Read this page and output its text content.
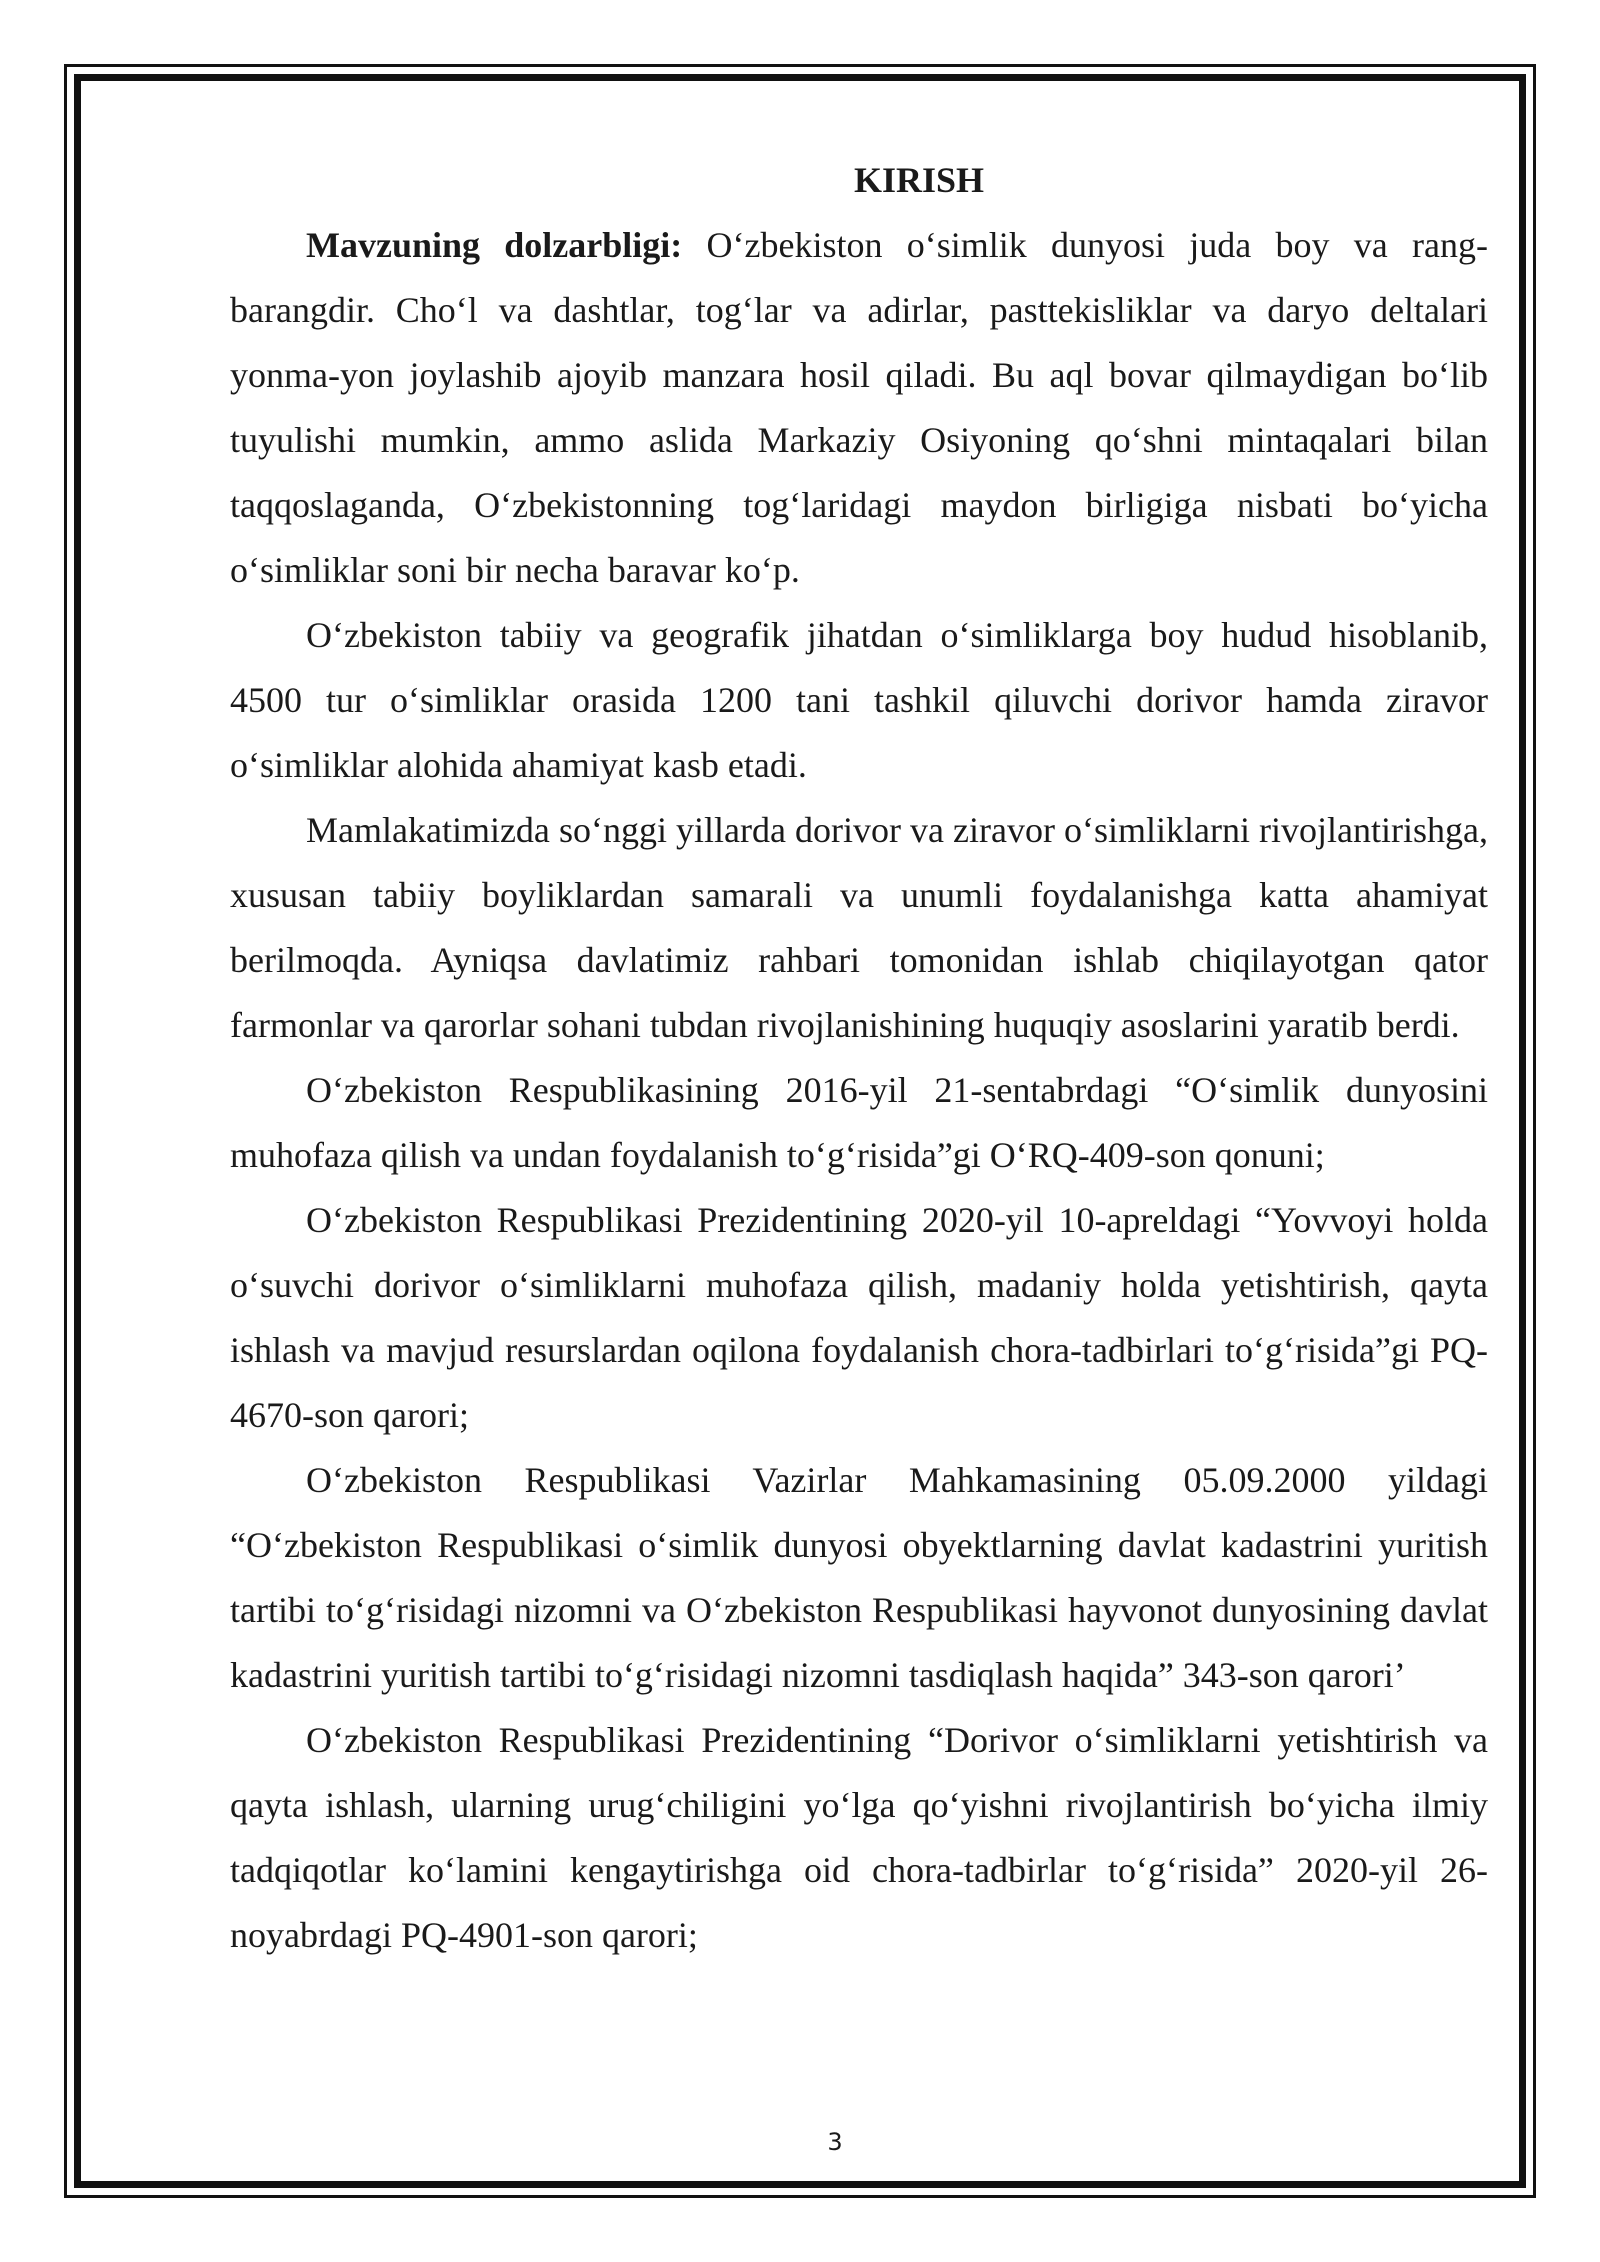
KIRISH

Mavzuning dolzarbligi: O‘zbekiston o‘simlik dunyosi juda boy va rang-barangdir. Cho‘l va dashtlar, tog‘lar va adirlar, pasttekisliklar va daryo deltalari yonma-yon joylashib ajoyib manzara hosil qiladi. Bu aql bovar qilmaydigan bo‘lib tuyulishi mumkin, ammo aslida Markaziy Osiyoning qo‘shni mintaqalari bilan taqqoslaganda, O‘zbekistonning tog‘laridagi maydon birligiga nisbati bo‘yicha o‘simliklar soni bir necha baravar ko‘p.

O‘zbekiston tabiiy va geografik jihatdan o‘simliklarga boy hudud hisoblanib, 4500 tur o‘simliklar orasida 1200 tani tashkil qiluvchi dorivor hamda ziravor o‘simliklar alohida ahamiyat kasb etadi.

Mamlakatimizda so‘nggi yillarda dorivor va ziravor o‘simliklarni rivojlantirishga, xususan tabiiy boyliklardan samarali va unumli foydalanishga katta ahamiyat berilmoqda. Ayniqsa davlatimiz rahbari tomonidan ishlab chiqilayotgan qator farmonlar va qarorlar sohani tubdan rivojlanishining huquqiy asoslarini yaratib berdi.

O‘zbekiston Respublikasining 2016-yil 21-sentabrdagi “O‘simlik dunyosini muhofaza qilish va undan foydalanish to‘g‘risida”gi O‘RQ-409-son qonuni;

O‘zbekiston Respublikasi Prezidentining 2020-yil 10-apreldagi “Yovvoyi holda o‘suvchi dorivor o‘simliklarni muhofaza qilish, madaniy holda yetishtirish, qayta ishlash va mavjud resurslardan oqilona foydalanish chora-tadbirlari to‘g‘risida”gi PQ-4670-son qarori;

O‘zbekiston Respublikasi Vazirlar Mahkamasining 05.09.2000 yildagi “O‘zbekiston Respublikasi o‘simlik dunyosi obyektlarning davlat kadastrini yuritish tartibi to‘g‘risidagi nizomni va O‘zbekiston Respublikasi hayvonot dunyosining davlat kadastrini yuritish tartibi to‘g‘risidagi nizomni tasdiqlash haqida” 343-son qarori’

O‘zbekiston Respublikasi Prezidentining “Dorivor o‘simliklarni yetishtirish va qayta ishlash, ularning urug‘chiligini yo‘lga qo‘yishni rivojlantirish bo‘yicha ilmiy tadqiqotlar ko‘lamini kengaytirishga oid chora-tadbirlar to‘g‘risida” 2020-yil 26-noyabrdagi PQ-4901-son qarori;

3
